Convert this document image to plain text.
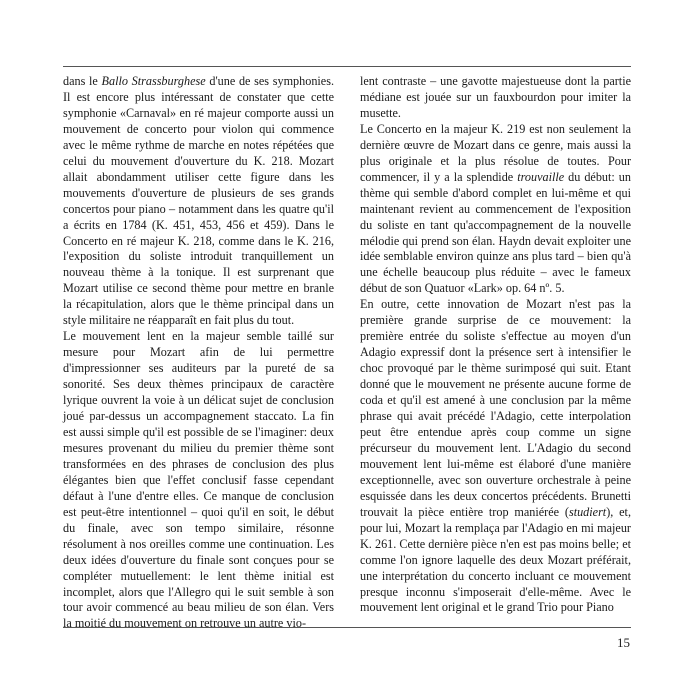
dans le Ballo Strassburghese d'une de ses symphonies. Il est encore plus intéressant de constater que cette symphonie «Carnaval» en ré majeur comporte aussi un mouvement de concerto pour violon qui commence avec le même rythme de marche en notes répétées que celui du mouvement d'ouverture du K. 218. Mozart allait abondamment utiliser cette figure dans les mouvements d'ouverture de plusieurs de ses grands concertos pour piano – notamment dans les quatre qu'il a écrits en 1784 (K. 451, 453, 456 et 459). Dans le Concerto en ré majeur K. 218, comme dans le K. 216, l'exposition du soliste introduit tranquillement un nouveau thème à la tonique. Il est surprenant que Mozart utilise ce second thème pour mettre en branle la récapitulation, alors que le thème principal dans un style militaire ne réapparaît en fait plus du tout.

Le mouvement lent en la majeur semble taillé sur mesure pour Mozart afin de lui permettre d'impressionner ses auditeurs par la pureté de sa sonorité. Ses deux thèmes principaux de caractère lyrique ouvrent la voie à un délicat sujet de conclusion joué par-dessus un accompagnement staccato. La fin est aussi simple qu'il est possible de se l'imaginer: deux mesures provenant du milieu du premier thème sont transformées en des phrases de conclusion des plus élégantes bien que l'effet conclusif fasse cependant défaut à l'une d'entre elles. Ce manque de conclusion est peut-être intentionnel – quoi qu'il en soit, le début du finale, avec son tempo similaire, résonne résolument à nos oreilles comme une continuation. Les deux idées d'ouverture du finale sont conçues pour se compléter mutuellement: le lent thème initial est incomplet, alors que l'Allegro qui le suit semble à son tour avoir commencé au beau milieu de son élan. Vers la moitié du mouvement on retrouve un autre vio-

lent contraste – une gavotte majestueuse dont la partie médiane est jouée sur un fauxbourdon pour imiter la musette.

Le Concerto en la majeur K. 219 est non seulement la dernière œuvre de Mozart dans ce genre, mais aussi la plus originale et la plus résolue de toutes. Pour commencer, il y a la splendide trouvaille du début: un thème qui semble d'abord complet en lui-même et qui maintenant revient au commencement de l'exposition du soliste en tant qu'accompagnement de la nouvelle mélodie qui prend son élan. Haydn devait exploiter une idée semblable environ quinze ans plus tard – bien qu'à une échelle beaucoup plus réduite – avec le fameux début de son Quatuor «Lark» op. 64 nº. 5.

En outre, cette innovation de Mozart n'est pas la première grande surprise de ce mouvement: la première entrée du soliste s'effectue au moyen d'un Adagio expressif dont la présence sert à intensifier le choc provoqué par le thème surimposé qui suit. Etant donné que le mouvement ne présente aucune forme de coda et qu'il est amené à une conclusion par la même phrase qui avait précédé l'Adagio, cette interpolation peut être entendue après coup comme un signe précurseur du mouvement lent. L'Adagio du second mouvement lent lui-même est élaboré d'une manière exceptionnelle, avec son ouverture orchestrale à peine esquissée dans les deux concertos précédents. Brunetti trouvait la pièce entière trop maniérée (studiert), et, pour lui, Mozart la remplaça par l'Adagio en mi majeur K. 261. Cette dernière pièce n'en est pas moins belle; et comme l'on ignore laquelle des deux Mozart préférait, une interprétation du concerto incluant ce mouvement presque inconnu s'imposerait d'elle-même. Avec le mouvement lent original et le grand Trio pour Piano

15
